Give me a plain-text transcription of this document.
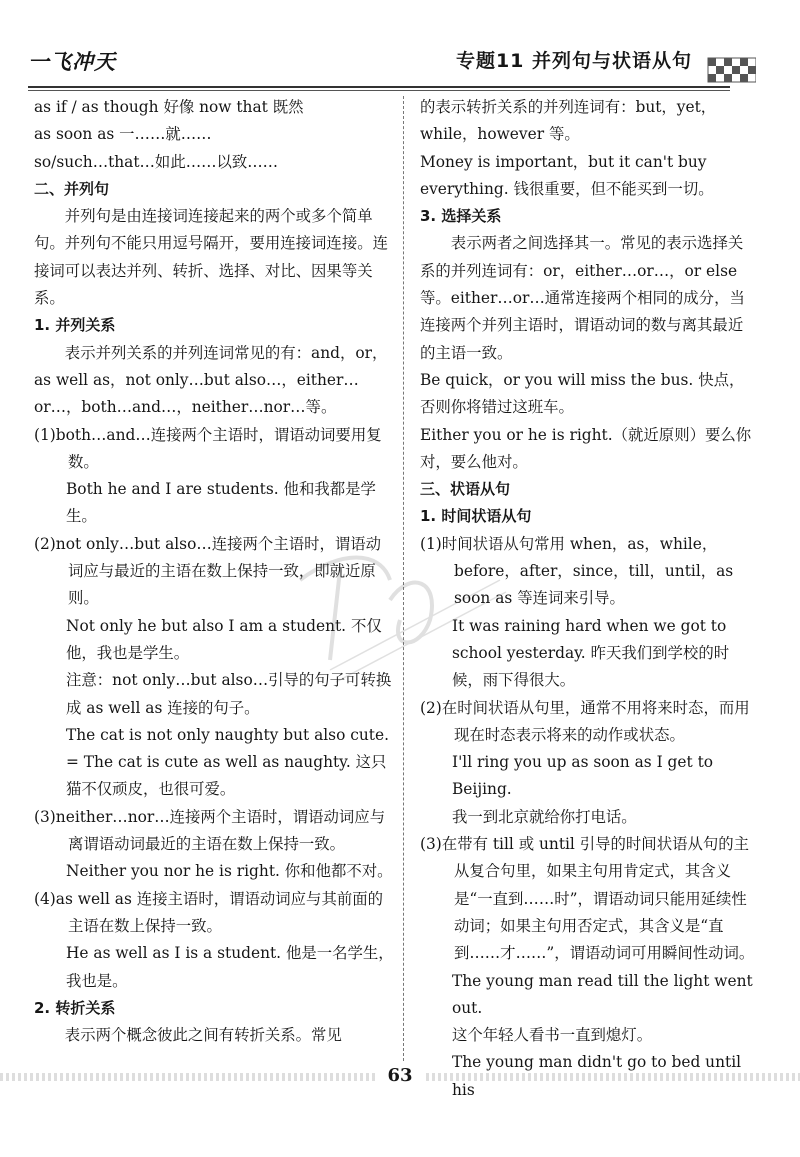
一飞冲天	专题11 并列句与状语从句

as if / as though 好像 now that 既然

as soon as 一……就……

so/such…that…如此……以致……

二、并列句

并列句是由连接词连接起来的两个或多个简单句。并列句不能只用逗号隔开，要用连接词连接。连接词可以表达并列、转折、选择、对比、因果等关系。

1. 并列关系

表示并列关系的并列连词常见的有：and，or，as well as，not only…but also…，either…or…，both…and…，neither…nor…等。

(1)both…and…连接两个主语时，谓语动词要用复数。

Both he and I are students. 他和我都是学生。

(2)not only…but also…连接两个主语时，谓语动词应与最近的主语在数上保持一致，即就近原则。

Not only he but also I am a student. 不仅他，我也是学生。

注意：not only…but also…引导的句子可转换成 as well as 连接的句子。

The cat is not only naughty but also cute. = The cat is cute as well as naughty. 这只猫不仅顽皮，也很可爱。

(3)neither…nor…连接两个主语时，谓语动词应与离谓语动词最近的主语在数上保持一致。

Neither you nor he is right. 你和他都不对。

(4)as well as 连接主语时，谓语动词应与其前面的主语在数上保持一致。

He as well as I is a student. 他是一名学生，我也是。

2. 转折关系

表示两个概念彼此之间有转折关系。常见

的表示转折关系的并列连词有：but，yet，while，however 等。

Money is important，but it can't buy everything. 钱很重要，但不能买到一切。

3. 选择关系

表示两者之间选择其一。常见的表示选择关系的并列连词有：or，either…or…，or else 等。either…or…通常连接两个相同的成分，当连接两个并列主语时，谓语动词的数与离其最近的主语一致。

Be quick，or you will miss the bus. 快点，否则你将错过这班车。

Either you or he is right.（就近原则）要么你对，要么他对。

三、状语从句

1. 时间状语从句

(1)时间状语从句常用 when，as，while，before，after，since，till，until，as soon as 等连词来引导。

It was raining hard when we got to school yesterday. 昨天我们到学校的时候，雨下得很大。

(2)在时间状语从句里，通常不用将来时态，而用现在时态表示将来的动作或状态。

I'll ring you up as soon as I get to Beijing.

我一到北京就给你打电话。

(3)在带有 till 或 until 引导的时间状语从句的主从复合句里，如果主句用肯定式，其含义是“一直到……时”，谓语动词只能用延续性动词；如果主句用否定式，其含义是“直到……才……”，谓语动词可用瞬间性动词。

The young man read till the light went out.

这个年轻人看书一直到熄灯。

The young man didn't go to bed until his

63
